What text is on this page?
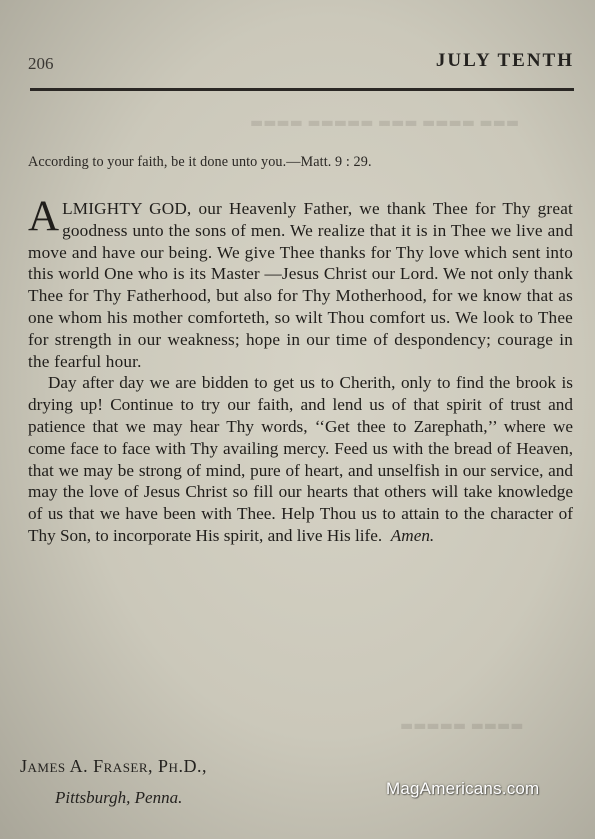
▬▬▬ ▬▬▬▬ ▬▬▬ ▬▬▬▬▬ ▬▬▬▬
▬▬▬▬ ▬▬▬▬▬
206	JULY TENTH
According to your faith, be it done unto you.—Matt. 9 : 29.

ALMIGHTY GOD, our Heavenly Father, we thank Thee for Thy great goodness unto the sons of men. We realize that it is in Thee we live and move and have our being. We give Thee thanks for Thy love which sent into this world One who is its Master —Jesus Christ our Lord. We not only thank Thee for Thy Fatherhood, but also for Thy Motherhood, for we know that as one whom his mother comforteth, so wilt Thou comfort us. We look to Thee for strength in our weakness; hope in our time of despondency; courage in the fearful hour.

Day after day we are bidden to get us to Cherith, only to find the brook is drying up! Continue to try our faith, and lend us of that spirit of trust and patience that we may hear Thy words, ‘‘Get thee to Zarephath,’’ where we come face to face with Thy availing mercy. Feed us with the bread of Heaven, that we may be strong of mind, pure of heart, and unselfish in our service, and may the love of Jesus Christ so fill our hearts that others will take knowledge of us that we have been with Thee. Help Thou us to attain to the character of Thy Son, to incorporate His spirit, and live His life. Amen.

James A. Fraser, Ph.D.,
Pittsburgh, Penna.	MagAmericans.com
